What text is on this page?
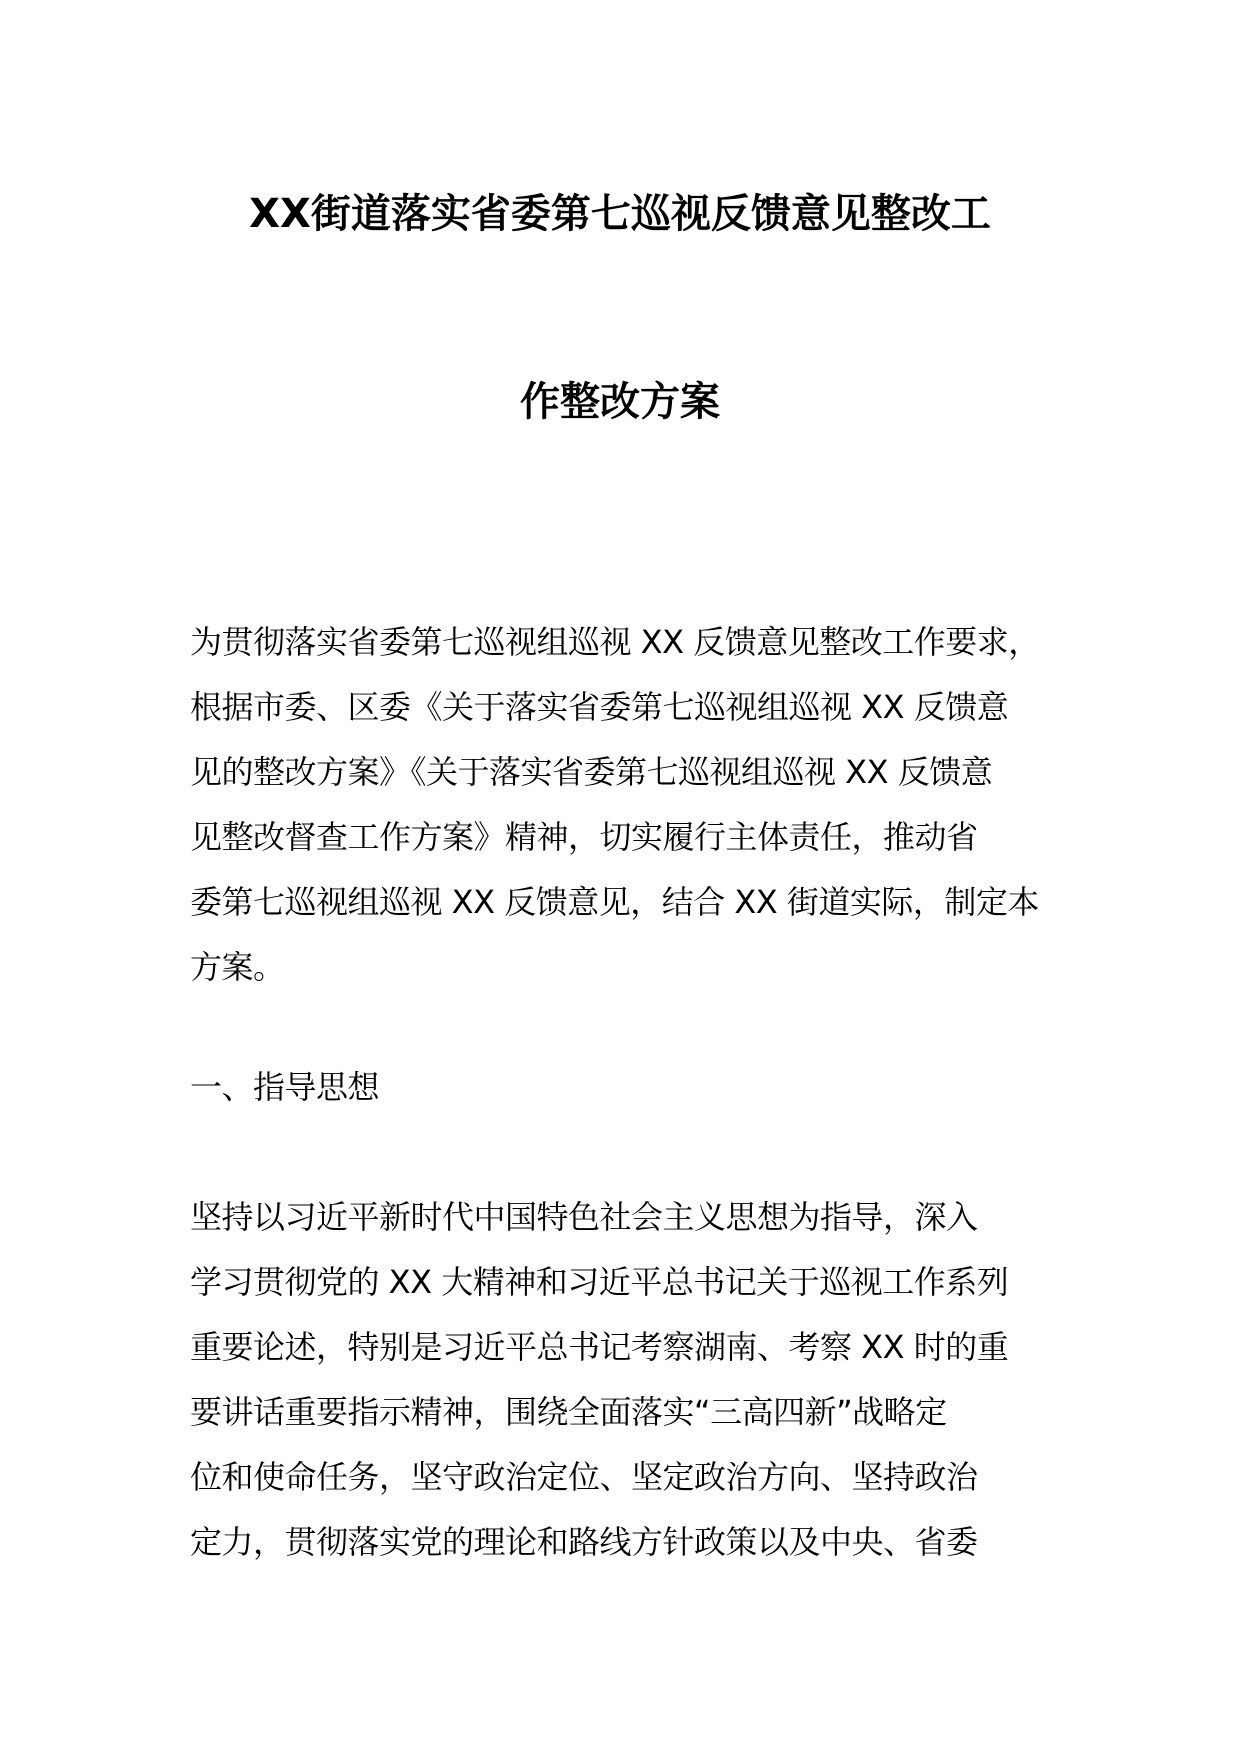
XX街道落实省委第七巡视反馈意见整改工
作整改方案
为贯彻落实省委第七巡视组巡视 XX 反馈意见整改工作要求，
根据市委、区委《关于落实省委第七巡视组巡视 XX 反馈意
见的整改方案》《关于落实省委第七巡视组巡视 XX 反馈意
见整改督查工作方案》精神，切实履行主体责任，推动省
委第七巡视组巡视 XX 反馈意见，结合 XX 街道实际，制定本
方案。
一、指导思想
坚持以习近平新时代中国特色社会主义思想为指导，深入
学习贯彻党的 XX 大精神和习近平总书记关于巡视工作系列
重要论述，特别是习近平总书记考察湖南、考察 XX 时的重
要讲话重要指示精神，围绕全面落实“三高四新”战略定
位和使命任务，坚守政治定位、坚定政治方向、坚持政治
定力，贯彻落实党的理论和路线方针政策以及中央、省委
